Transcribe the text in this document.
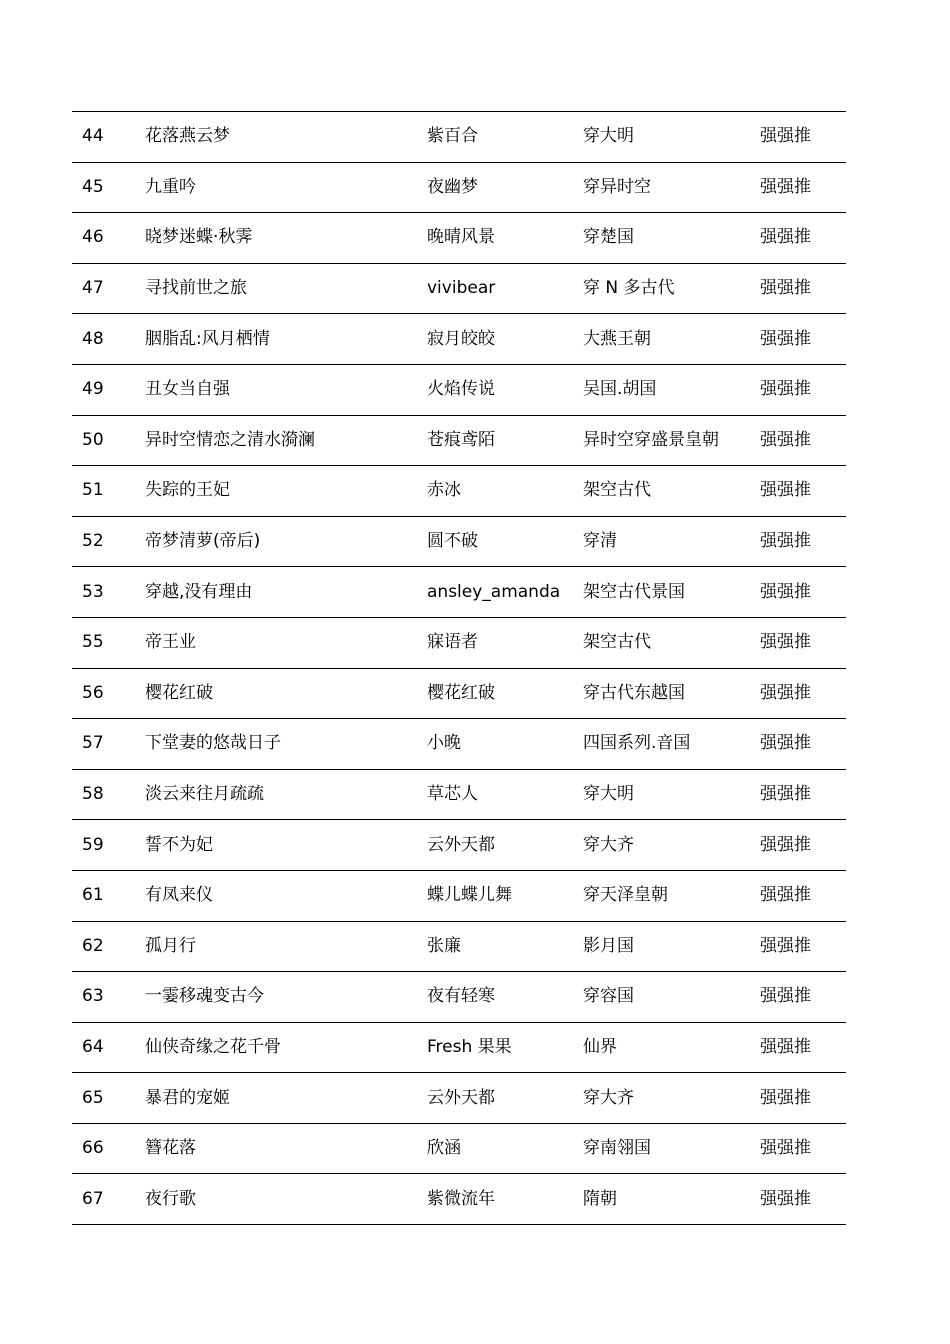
44	花落燕云梦	紫百合	穿大明	强强推
45	九重吟	夜幽梦	穿异时空	强强推
46	晓梦迷蝶·秋霁	晚晴风景	穿楚国	强强推
47	寻找前世之旅	vivibear	穿 N 多古代	强强推
48	胭脂乱:风月栖情	寂月皎皎	大燕王朝	强强推
49	丑女当自强	火焰传说	吴国.胡国	强强推
50	异时空情恋之清水漪澜	苍痕鸢陌	异时空穿盛景皇朝	强强推
51	失踪的王妃	赤冰	架空古代	强强推
52	帝梦清萝(帝后)	圆不破	穿清	强强推
53	穿越,没有理由	ansley_amanda	架空古代景国	强强推
55	帝王业	寐语者	架空古代	强强推
56	樱花红破	樱花红破	穿古代东越国	强强推
57	下堂妻的悠哉日子	小晚	四国系列.音国	强强推
58	淡云来往月疏疏	草芯人	穿大明	强强推
59	誓不为妃	云外天都	穿大齐	强强推
61	有凤来仪	蝶儿蝶儿舞	穿天泽皇朝	强强推
62	孤月行	张廉	影月国	强强推
63	一霎移魂变古今	夜有轻寒	穿容国	强强推
64	仙侠奇缘之花千骨	Fresh 果果	仙界	强强推
65	暴君的宠姬	云外天都	穿大齐	强强推
66	簪花落	欣涵	穿南翎国	强强推
67	夜行歌	紫微流年	隋朝	强强推
